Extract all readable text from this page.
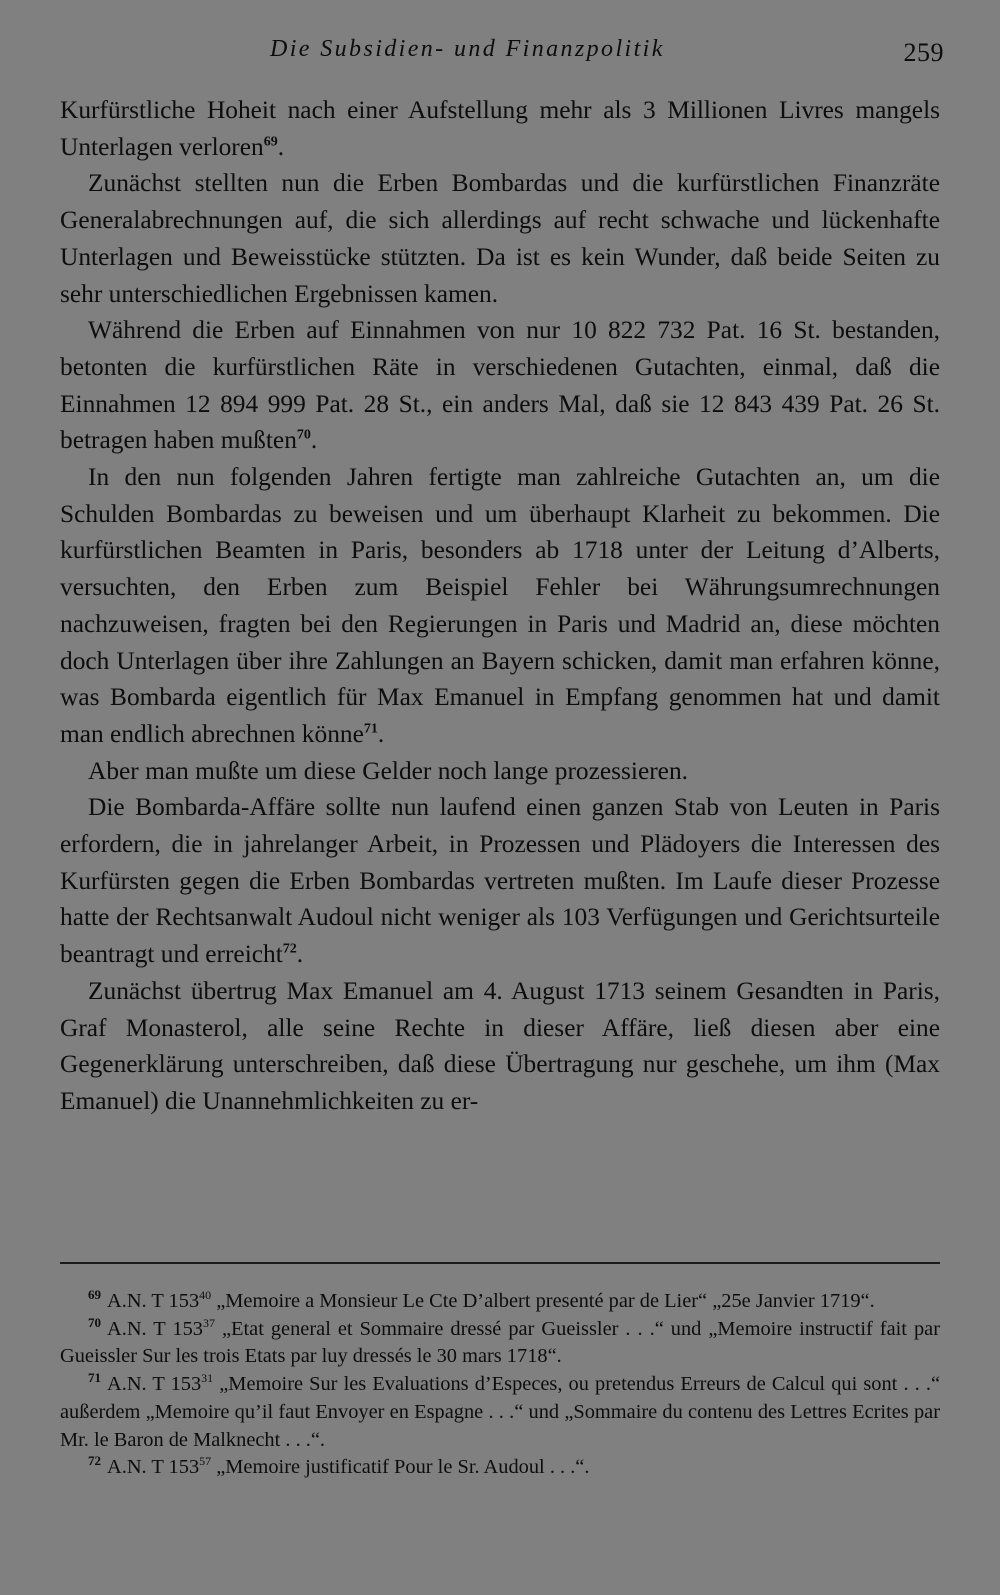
Die Subsidien- und Finanzpolitik	259

Kurfürstliche Hoheit nach einer Aufstellung mehr als 3 Millionen Livres mangels Unterlagen verloren$^{69}$.

Zunächst stellten nun die Erben Bombardas und die kurfürstlichen Finanzräte Generalabrechnungen auf, die sich allerdings auf recht schwache und lückenhafte Unterlagen und Beweisstücke stützten. Da ist es kein Wunder, daß beide Seiten zu sehr unterschiedlichen Ergebnissen kamen.

Während die Erben auf Einnahmen von nur 10 822 732 Pat. 16 St. bestanden, betonten die kurfürstlichen Räte in verschiedenen Gutachten, einmal, daß die Einnahmen 12 894 999 Pat. 28 St., ein anders Mal, daß sie 12 843 439 Pat. 26 St. betragen haben mußten$^{70}$.

In den nun folgenden Jahren fertigte man zahlreiche Gutachten an, um die Schulden Bombardas zu beweisen und um überhaupt Klarheit zu bekommen. Die kurfürstlichen Beamten in Paris, besonders ab 1718 unter der Leitung d’Alberts, versuchten, den Erben zum Beispiel Fehler bei Währungsumrechnungen nachzuweisen, fragten bei den Regierungen in Paris und Madrid an, diese möchten doch Unterlagen über ihre Zahlungen an Bayern schicken, damit man erfahren könne, was Bombarda eigentlich für Max Emanuel in Empfang genommen hat und damit man endlich abrechnen könne$^{71}$.

Aber man mußte um diese Gelder noch lange prozessieren.

Die Bombarda-Affäre sollte nun laufend einen ganzen Stab von Leuten in Paris erfordern, die in jahrelanger Arbeit, in Prozessen und Plädoyers die Interessen des Kurfürsten gegen die Erben Bombardas vertreten mußten. Im Laufe dieser Prozesse hatte der Rechtsanwalt Audoul nicht weniger als 103 Verfügungen und Gerichtsurteile beantragt und erreicht$^{72}$.

Zunächst übertrug Max Emanuel am 4. August 1713 seinem Gesandten in Paris, Graf Monasterol, alle seine Rechte in dieser Affäre, ließ diesen aber eine Gegenerklärung unterschreiben, daß diese Übertragung nur geschehe, um ihm (Max Emanuel) die Unannehmlichkeiten zu er-

$^{69}$ A.N. T $153^{40}$ „Memoire a Monsieur Le Cte D’albert presenté par de Lier“ „25e Janvier 1719“.

$^{70}$ A.N. T $153^{37}$ „Etat general et Sommaire dressé par Gueissler . . .“ und „Memoire instructif fait par Gueissler Sur les trois Etats par luy dressés le 30 mars 1718“.

$^{71}$ A.N. T $153^{31}$ „Memoire Sur les Evaluations d’Especes, ou pretendus Erreurs de Calcul qui sont . . .“ außerdem „Memoire qu’il faut Envoyer en Espagne . . .“ und „Sommaire du contenu des Lettres Ecrites par Mr. le Baron de Malknecht . . .“.

$^{72}$ A.N. T $153^{57}$ „Memoire justificatif Pour le Sr. Audoul . . .“.
